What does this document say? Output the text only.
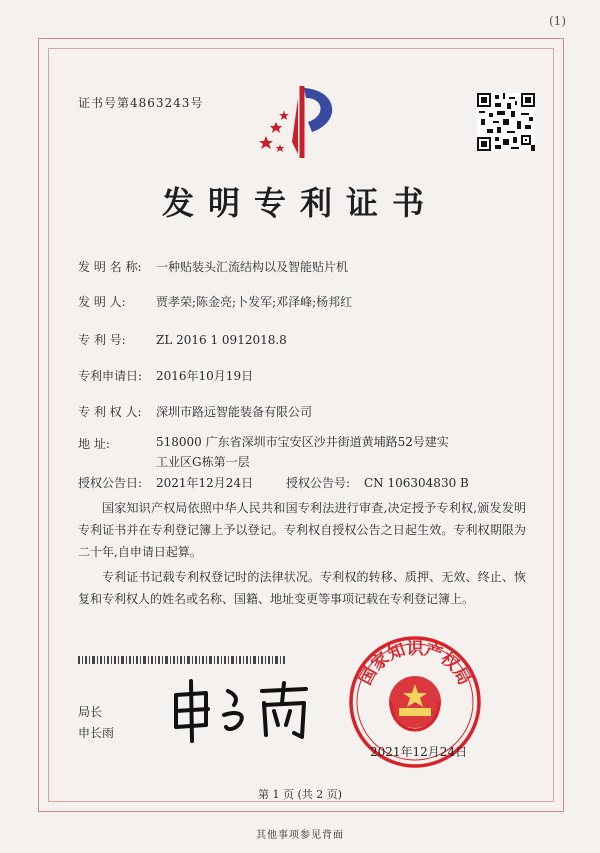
(1)
证书号第4863243号
发明专利证书
发 明 名 称: 一种贴装头汇流结构以及智能贴片机
发 明 人:	贾孝荣;陈金亮;卜发军;邓泽峰;杨邦红
专 利 号:	ZL 2016 1 0912018.8
专利申请日: 2016年10月19日
专 利 权 人: 深圳市路远智能装备有限公司
地 址:	518000 广东省深圳市宝安区沙井街道黄埔路52号建实工业区G栋第一层
授权公告日: 2021年12月24日	授权公告号: CN 106304830 B
国家知识产权局依照中华人民共和国专利法进行审查,决定授予专利权,颁发发明专利证书并在专利登记簿上予以登记。专利权自授权公告之日起生效。专利权期限为二十年,自申请日起算。
专利证书记载专利权登记时的法律状况。专利权的转移、质押、无效、终止、恢复和专利权人的姓名或名称、国籍、地址变更等事项记载在专利登记簿上。
局长
申长雨
国家知识产权局
2021年12月24日
第 1 页 (共 2 页)
其他事项参见背面
